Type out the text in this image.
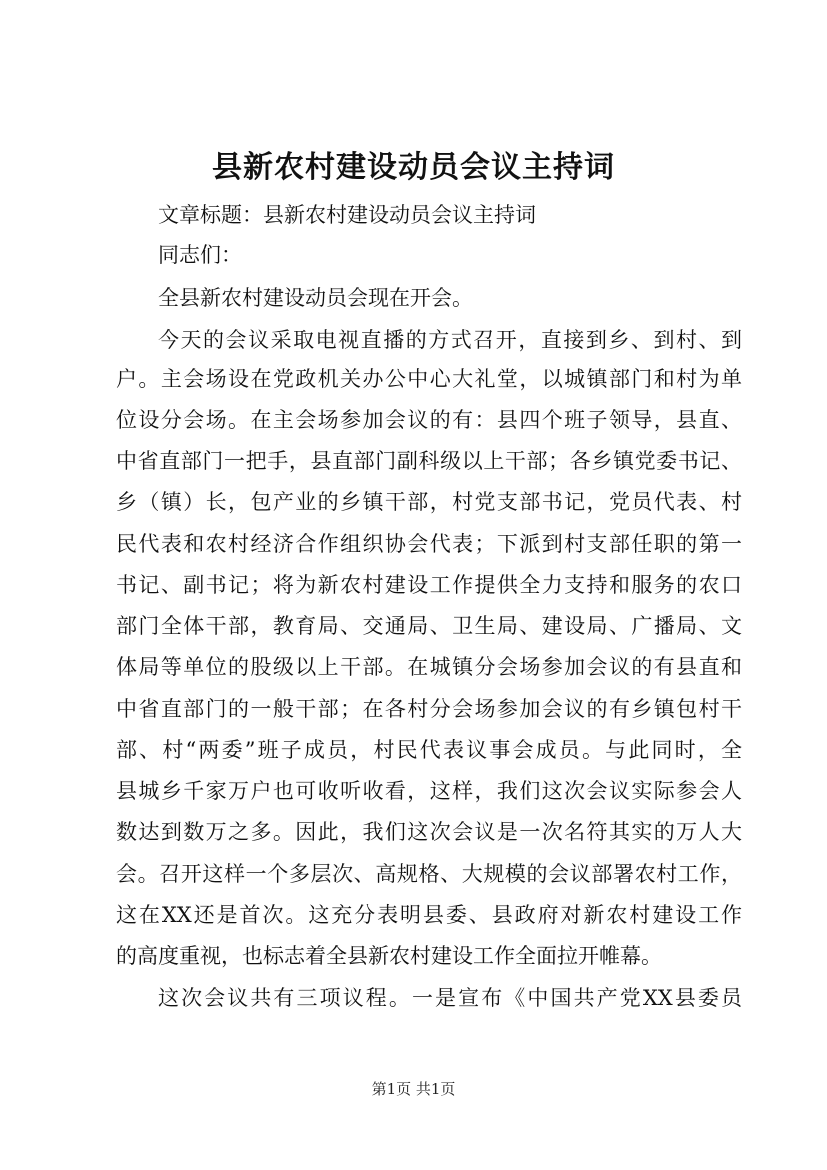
县新农村建设动员会议主持词
文章标题：县新农村建设动员会议主持词
同志们：
全县新农村建设动员会现在开会。
今天的会议采取电视直播的方式召开，直接到乡、到村、到
户。主会场设在党政机关办公中心大礼堂，以城镇部门和村为单
位设分会场。在主会场参加会议的有：县四个班子领导，县直、
中省直部门一把手，县直部门副科级以上干部；各乡镇党委书记、
乡（镇）长，包产业的乡镇干部，村党支部书记，党员代表、村
民代表和农村经济合作组织协会代表；下派到村支部任职的第一
书记、副书记；将为新农村建设工作提供全力支持和服务的农口
部门全体干部，教育局、交通局、卫生局、建设局、广播局、文
体局等单位的股级以上干部。在城镇分会场参加会议的有县直和
中省直部门的一般干部；在各村分会场参加会议的有乡镇包村干
部、村“两委”班子成员，村民代表议事会成员。与此同时，全
县城乡千家万户也可收听收看，这样，我们这次会议实际参会人
数达到数万之多。因此，我们这次会议是一次名符其实的万人大
会。召开这样一个多层次、高规格、大规模的会议部署农村工作，
这在XX还是首次。这充分表明县委、县政府对新农村建设工作
的高度重视，也标志着全县新农村建设工作全面拉开帷幕。
这次会议共有三项议程。一是宣布《中国共产党XX县委员
第1页 共1页
